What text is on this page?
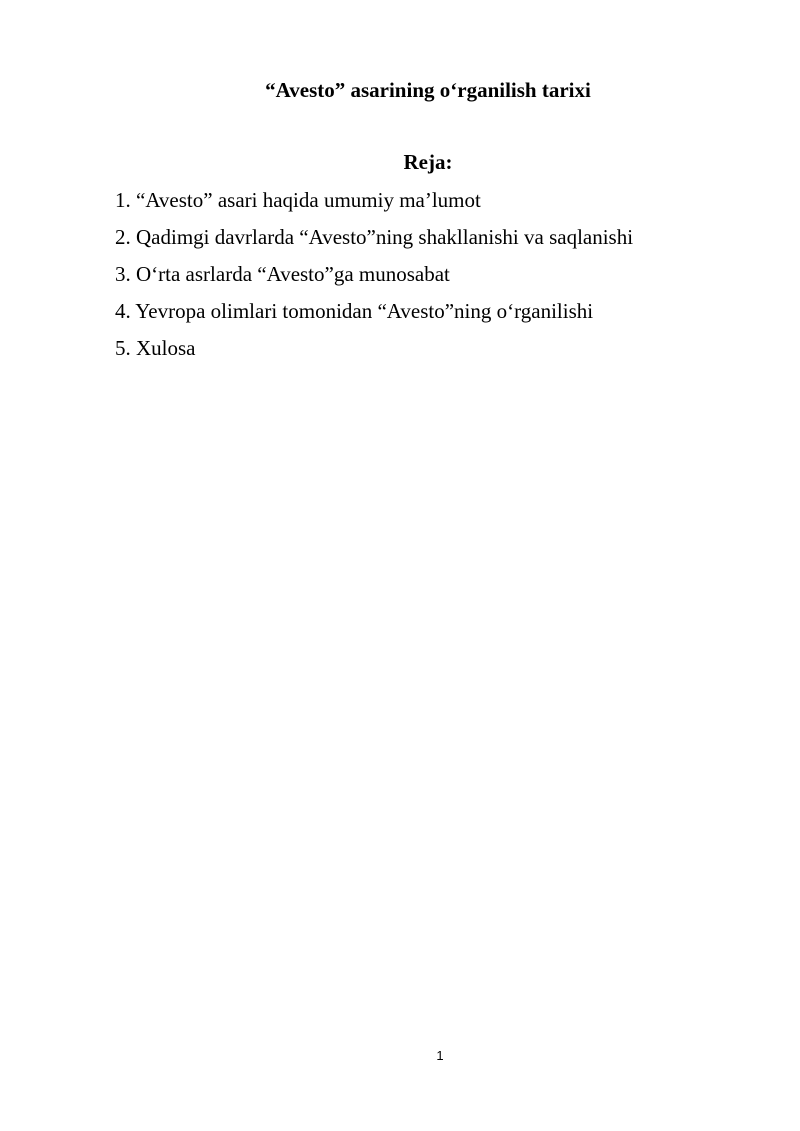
“Avesto” asarining o‘rganilish tarixi
Reja:
1. “Avesto” asari haqida umumiy ma’lumot
2. Qadimgi davrlarda “Avesto”ning shakllanishi va saqlanishi
3. O‘rta asrlarda “Avesto”ga munosabat
4. Yevropa olimlari tomonidan “Avesto”ning o‘rganilishi
5. Xulosa
1
